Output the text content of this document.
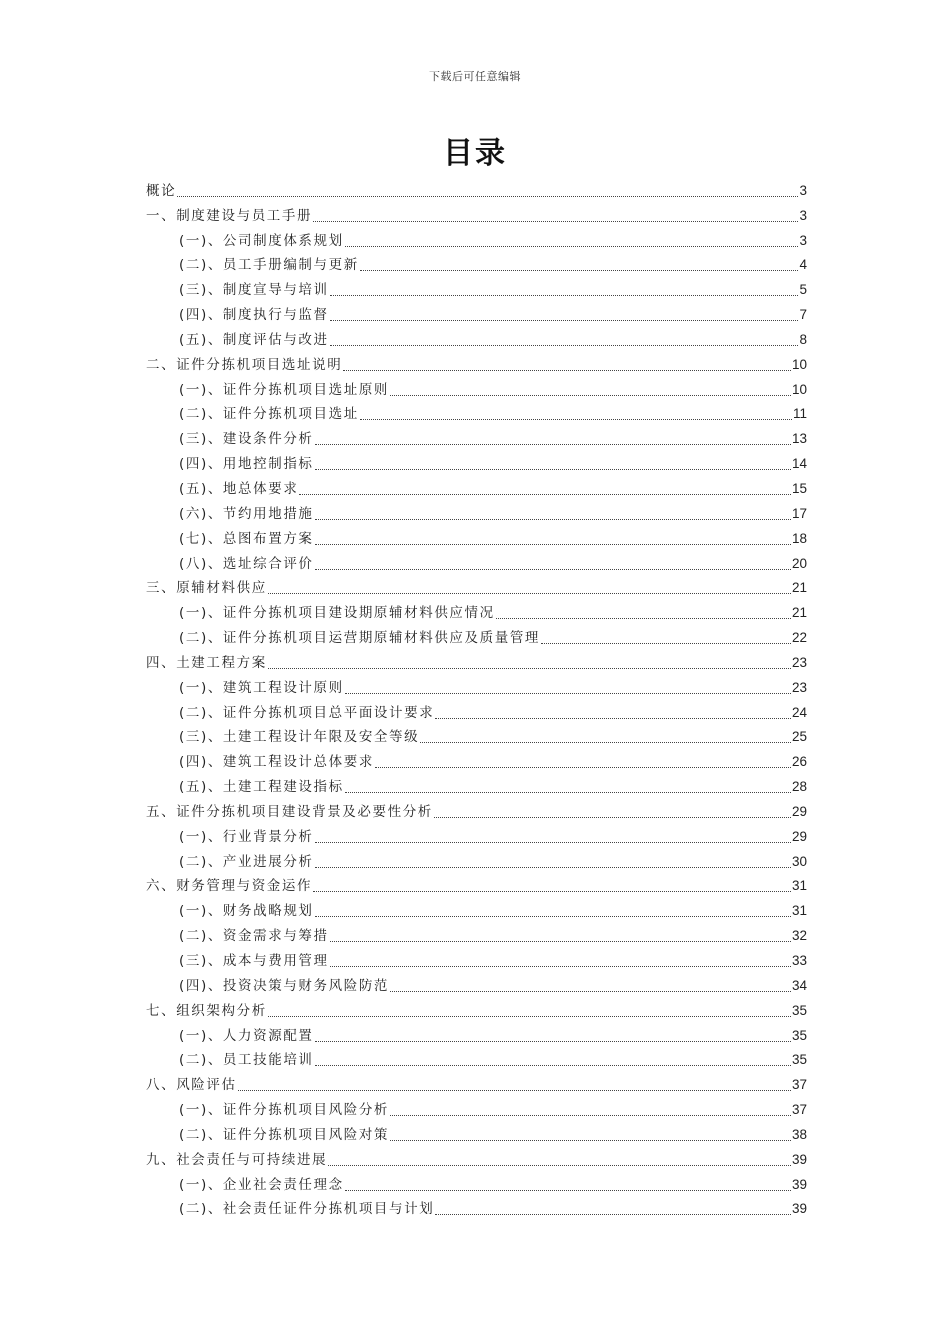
下载后可任意编辑
目录
概论	3
一、制度建设与员工手册	3
(一)、公司制度体系规划	3
(二)、员工手册编制与更新	4
(三)、制度宣导与培训	5
(四)、制度执行与监督	7
(五)、制度评估与改进	8
二、证件分拣机项目选址说明	10
(一)、证件分拣机项目选址原则	10
(二)、证件分拣机项目选址	11
(三)、建设条件分析	13
(四)、用地控制指标	14
(五)、地总体要求	15
(六)、节约用地措施	17
(七)、总图布置方案	18
(八)、选址综合评价	20
三、原辅材料供应	21
(一)、证件分拣机项目建设期原辅材料供应情况	21
(二)、证件分拣机项目运营期原辅材料供应及质量管理	22
四、土建工程方案	23
(一)、建筑工程设计原则	23
(二)、证件分拣机项目总平面设计要求	24
(三)、土建工程设计年限及安全等级	25
(四)、建筑工程设计总体要求	26
(五)、土建工程建设指标	28
五、证件分拣机项目建设背景及必要性分析	29
(一)、行业背景分析	29
(二)、产业进展分析	30
六、财务管理与资金运作	31
(一)、财务战略规划	31
(二)、资金需求与筹措	32
(三)、成本与费用管理	33
(四)、投资决策与财务风险防范	34
七、组织架构分析	35
(一)、人力资源配置	35
(二)、员工技能培训	35
八、风险评估	37
(一)、证件分拣机项目风险分析	37
(二)、证件分拣机项目风险对策	38
九、社会责任与可持续进展	39
(一)、企业社会责任理念	39
(二)、社会责任证件分拣机项目与计划	39
